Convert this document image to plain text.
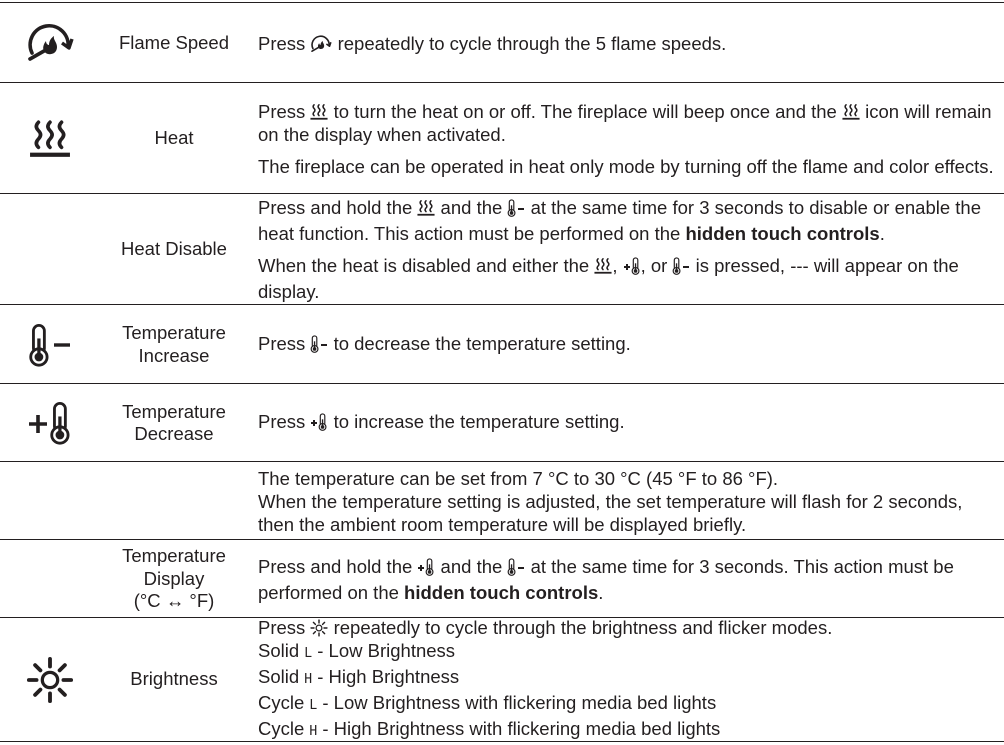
Flame Speed	Press  repeatedly to cycle through the 5 flame speeds.

Heat

Press  to turn the heat on or off. The fireplace will beep once and the  icon will remain on the display when activated.

The fireplace can be operated in heat only mode by turning off the flame and color effects.

Heat Disable

Press and hold the  and the  at the same time for 3 seconds to disable or enable the heat function. This action must be performed on the hidden touch controls.

When the heat is disabled and either the , , or  is pressed, --- will appear on the display.

Temperature
Increase

Press  to decrease the temperature setting.

Temperature
Decrease

Press  to increase the temperature setting.

The temperature can be set from 7 °C to 30 °C (45 °F to 86 °F).

When the temperature setting is adjusted, the set temperature will flash for 2 seconds,

then the ambient room temperature will be displayed briefly.

Temperature
Display
(°C ↔ °F)

Press and hold the  and the  at the same time for 3 seconds. This action must be performed on the hidden touch controls.

Brightness

Press  repeatedly to cycle through the brightness and flicker modes.

Solid L - Low Brightness

Solid H - High Brightness

Cycle L - Low Brightness with flickering media bed lights

Cycle H - High Brightness with flickering media bed lights
